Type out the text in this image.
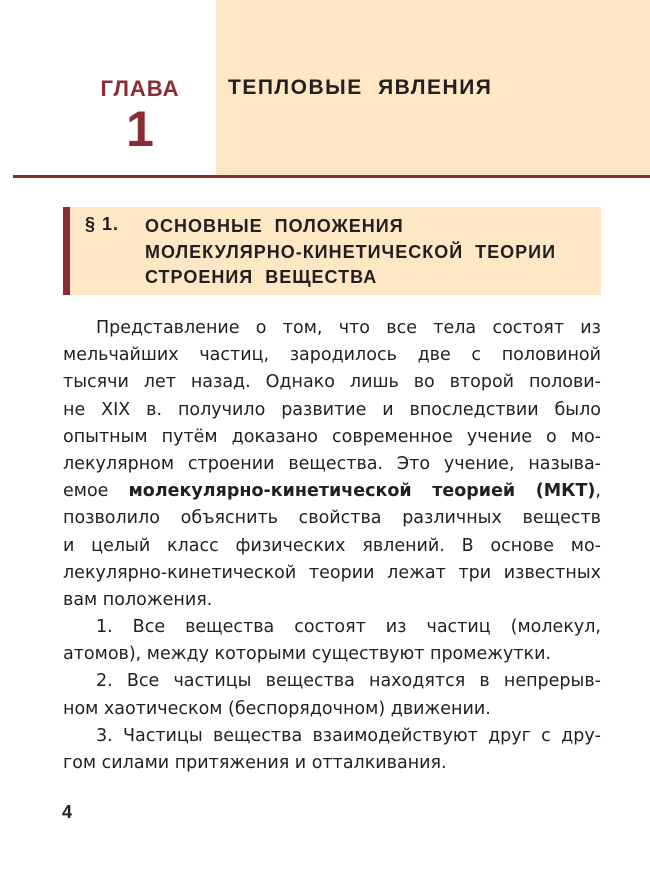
ГЛАВА
1
ТЕПЛОВЫЕ ЯВЛЕНИЯ
§ 1. ОСНОВНЫЕ ПОЛОЖЕНИЯ
МОЛЕКУЛЯРНО-КИНЕТИЧЕСКОЙ ТЕОРИИ
СТРОЕНИЯ ВЕЩЕСТВА
Представление о том, что все тела состоят из
мельчайших частиц, зародилось две с половиной
тысячи лет назад. Однако лишь во второй полови-
не XIX в. получило развитие и впоследствии было
опытным путём доказано современное учение о мо-
лекулярном строении вещества. Это учение, называ-
емое молекулярно-кинетической теорией (МКТ),
позволило объяснить свойства различных веществ
и целый класс физических явлений. В основе мо-
лекулярно-кинетической теории лежат три известных
вам положения.
1. Все вещества состоят из частиц (молекул,
атомов), между которыми существуют промежутки.
2. Все частицы вещества находятся в непрерыв-
ном хаотическом (беспорядочном) движении.
3. Частицы вещества взаимодействуют друг с дру-
гом силами притяжения и отталкивания.
4
